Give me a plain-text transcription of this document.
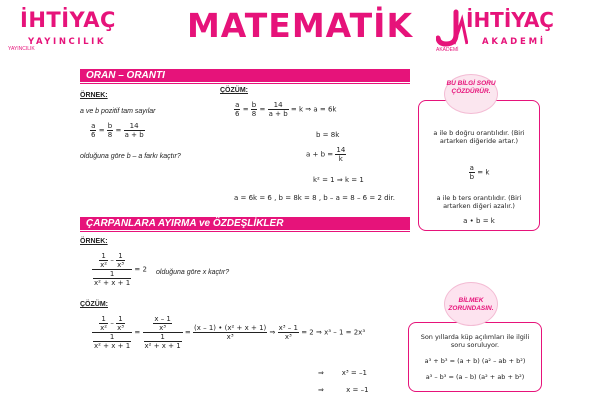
İHTİYAÇ
YAYINCILIK
YAYINCILIK
MATEMATİK	İHTİYAÇ
AKADEMİ
AKADEMİ
ORAN – ORANTI
ÖRNEK:
a ve b pozitif tam sayılar
$\frac{a}{6} = \frac{b}{8} = \frac{14}{a + b}$
olduğuna göre b – a farkı kaçtır?
ÇÖZÜM:
$\frac{a}{6} = \frac{b}{8} = \frac{14}{a + b} = k$ ⇒ a = 6k
b = 8k
$a + b = \frac{14}{k}$
k² = 1 ⇒ k = 1
a = 6k = 6 , b = 8k = 8 , b – a = 8 – 6 = 2 dir.
BU BİLGİ SORU ÇÖZDÜRÜR.
a ile b doğru orantılıdır. (Biri artarken diğeride artar.)
$\frac{a}{b} = k$
a ile b ters orantılıdır. (Biri artarken diğeri azalır.)
a • b = k
ÇARPANLARA AYIRMA ve ÖZDEŞLİKLER
ÖRNEK:
$\frac{\frac{1}{\text{x²}} - \frac{1}{\text{x³}}}{\frac{1}{\text{x² + x + 1}}} = 2$ olduğuna göre x kaçtır?
ÇÖZÜM:
$\frac{\frac{1}{\text{x²}} - \frac{1}{\text{x³}}}{\frac{1}{\text{x² + x + 1}}} = \frac{\frac{x - 1}{\text{x³}}}{\frac{1}{\text{x² + x + 1}}} = \frac{\text{(x – 1) • (x² + x + 1)}}{\text{x³}}$ ⇒ $\frac{\text{x³ – 1}}{\text{x³}} = 2$ ⇒ x³ – 1 = 2x³
⇒	x³ = –1
⇒	x = –1
BİLMEK ZORUNDASIN.
Son yıllarda küp açılımları ile ilgili soru soruluyor.
a³ + b³ = (a + b) (a² – ab + b²)
a³ – b³ = (a – b) (a² + ab + b²)
